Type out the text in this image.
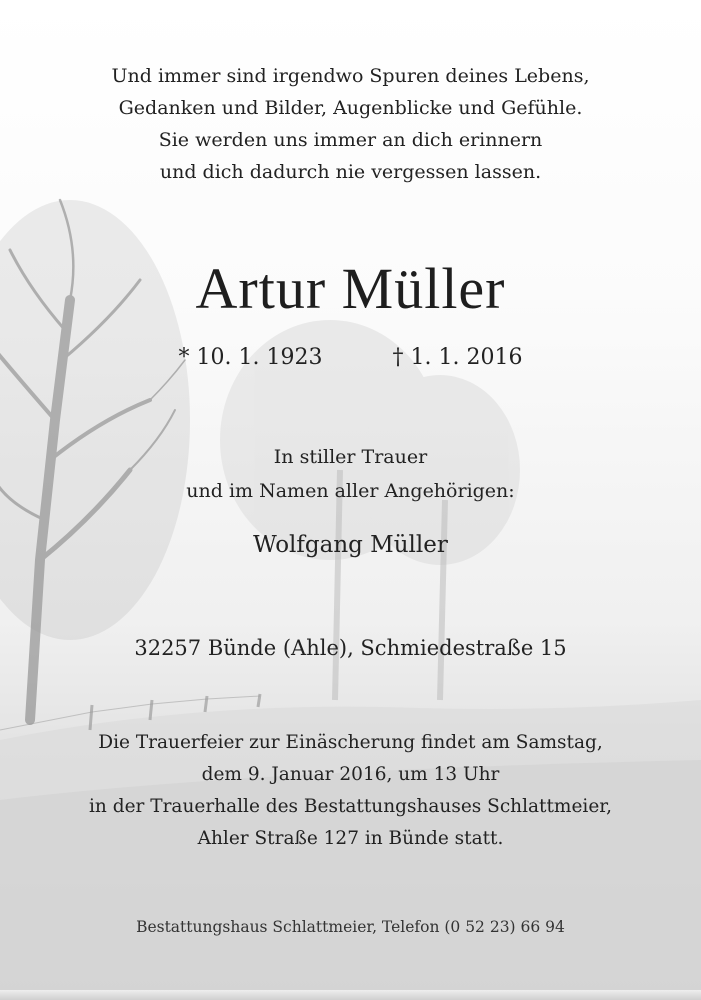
Und immer sind irgendwo Spuren deines Lebens,
Gedanken und Bilder, Augenblicke und Gefühle.
Sie werden uns immer an dich erinnern
und dich dadurch nie vergessen lassen.
Artur Müller
* 10. 1. 1923	† 1. 1. 2016
In stiller Trauer
und im Namen aller Angehörigen:
Wolfgang Müller
32257 Bünde (Ahle), Schmiedestraße 15
Die Trauerfeier zur Einäscherung findet am Samstag,
dem 9. Januar 2016, um 13 Uhr
in der Trauerhalle des Bestattungshauses Schlattmeier,
Ahler Straße 127 in Bünde statt.
Bestattungshaus Schlattmeier, Telefon (0 52 23) 66 94
